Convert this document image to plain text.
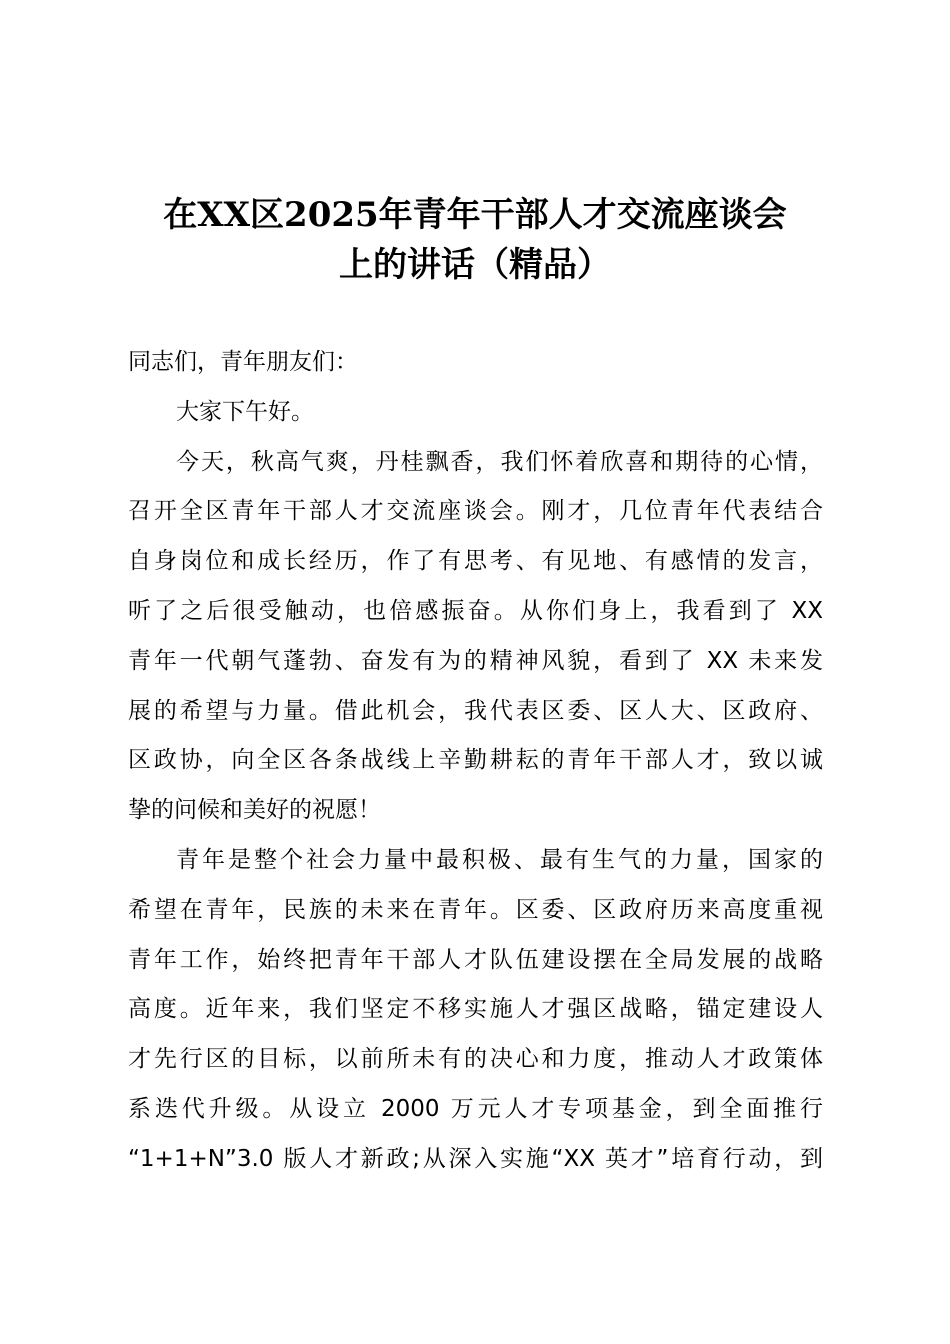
在XX区2025年青年干部人才交流座谈会
上的讲话（精品）
同志们，青年朋友们：
大家下午好。
今天，秋高气爽，丹桂飘香，我们怀着欣喜和期待的心情，
召开全区青年干部人才交流座谈会。刚才，几位青年代表结合
自身岗位和成长经历，作了有思考、有见地、有感情的发言，
听了之后很受触动，也倍感振奋。从你们身上，我看到了 XX
青年一代朝气蓬勃、奋发有为的精神风貌，看到了 XX 未来发
展的希望与力量。借此机会，我代表区委、区人大、区政府、
区政协，向全区各条战线上辛勤耕耘的青年干部人才，致以诚
挚的问候和美好的祝愿！
青年是整个社会力量中最积极、最有生气的力量，国家的
希望在青年，民族的未来在青年。区委、区政府历来高度重视
青年工作，始终把青年干部人才队伍建设摆在全局发展的战略
高度。近年来，我们坚定不移实施人才强区战略，锚定建设人
才先行区的目标，以前所未有的决心和力度，推动人才政策体
系迭代升级。从设立 2000 万元人才专项基金，到全面推行
“1+1+N”3.0 版人才新政;从深入实施“XX 英才”培育行动，到
